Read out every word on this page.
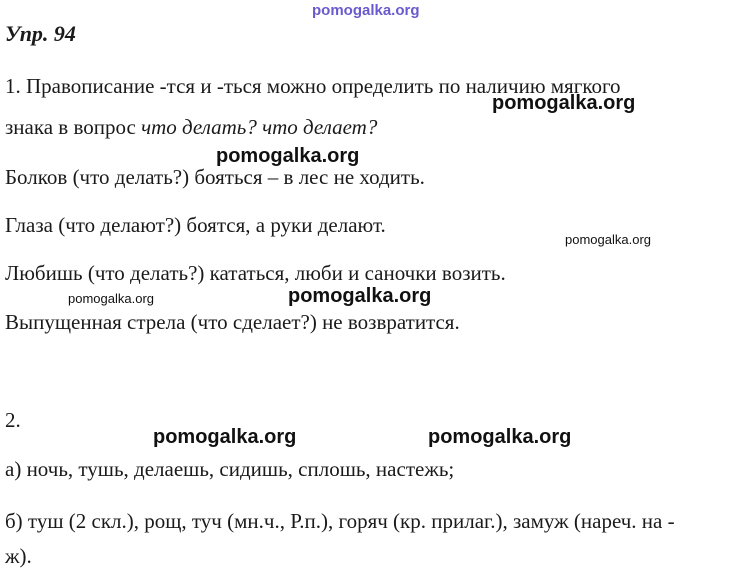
pomogalka.org
pomogalka.org
pomogalka.org
pomogalka.org
pomogalka.org	pomogalka.org
pomogalka.org	pomogalka.org
Упр. 94
1. Правописание -тся и -ться можно определить по наличию мягкого
знака в вопрос что делать? что делает?
Болков (что делать?) бояться – в лес не ходить.
Глаза (что делают?) боятся, а руки делают.
Любишь (что делать?) кататься, люби и саночки возить.
Выпущенная стрела (что сделает?) не возвратится.
2.
а) ночь, тушь, делаешь, сидишь, сплошь, настежь;
б) туш (2 скл.), рощ, туч (мн.ч., Р.п.), горяч (кр. прилаг.), замуж (нареч. на -
ж).
